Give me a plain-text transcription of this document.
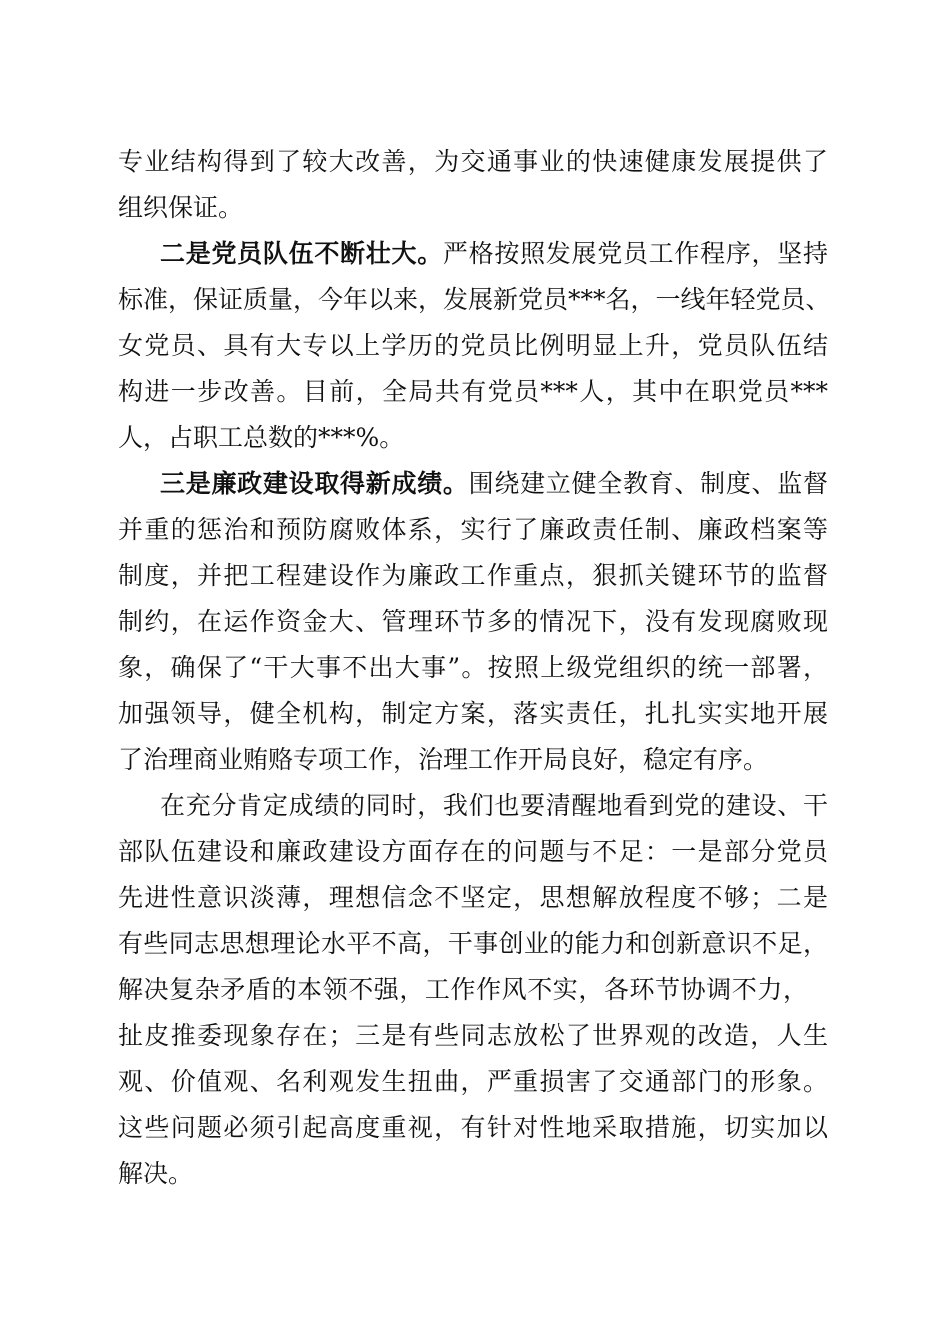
专业结构得到了较大改善，为交通事业的快速健康发展提供了
组织保证。
二是党员队伍不断壮大。严格按照发展党员工作程序，坚持
标准，保证质量，今年以来，发展新党员***名，一线年轻党员、
女党员、具有大专以上学历的党员比例明显上升，党员队伍结
构进一步改善。目前，全局共有党员***人，其中在职党员***
人，占职工总数的***%。
三是廉政建设取得新成绩。围绕建立健全教育、制度、监督
并重的惩治和预防腐败体系，实行了廉政责任制、廉政档案等
制度，并把工程建设作为廉政工作重点，狠抓关键环节的监督
制约，在运作资金大、管理环节多的情况下，没有发现腐败现
象，确保了“干大事不出大事”。按照上级党组织的统一部署，
加强领导，健全机构，制定方案，落实责任，扎扎实实地开展
了治理商业贿赂专项工作，治理工作开局良好，稳定有序。
在充分肯定成绩的同时，我们也要清醒地看到党的建设、干
部队伍建设和廉政建设方面存在的问题与不足：一是部分党员
先进性意识淡薄，理想信念不坚定，思想解放程度不够；二是
有些同志思想理论水平不高，干事创业的能力和创新意识不足，
解决复杂矛盾的本领不强，工作作风不实，各环节协调不力，
扯皮推委现象存在；三是有些同志放松了世界观的改造，人生
观、价值观、名利观发生扭曲，严重损害了交通部门的形象。
这些问题必须引起高度重视，有针对性地采取措施，切实加以
解决。
